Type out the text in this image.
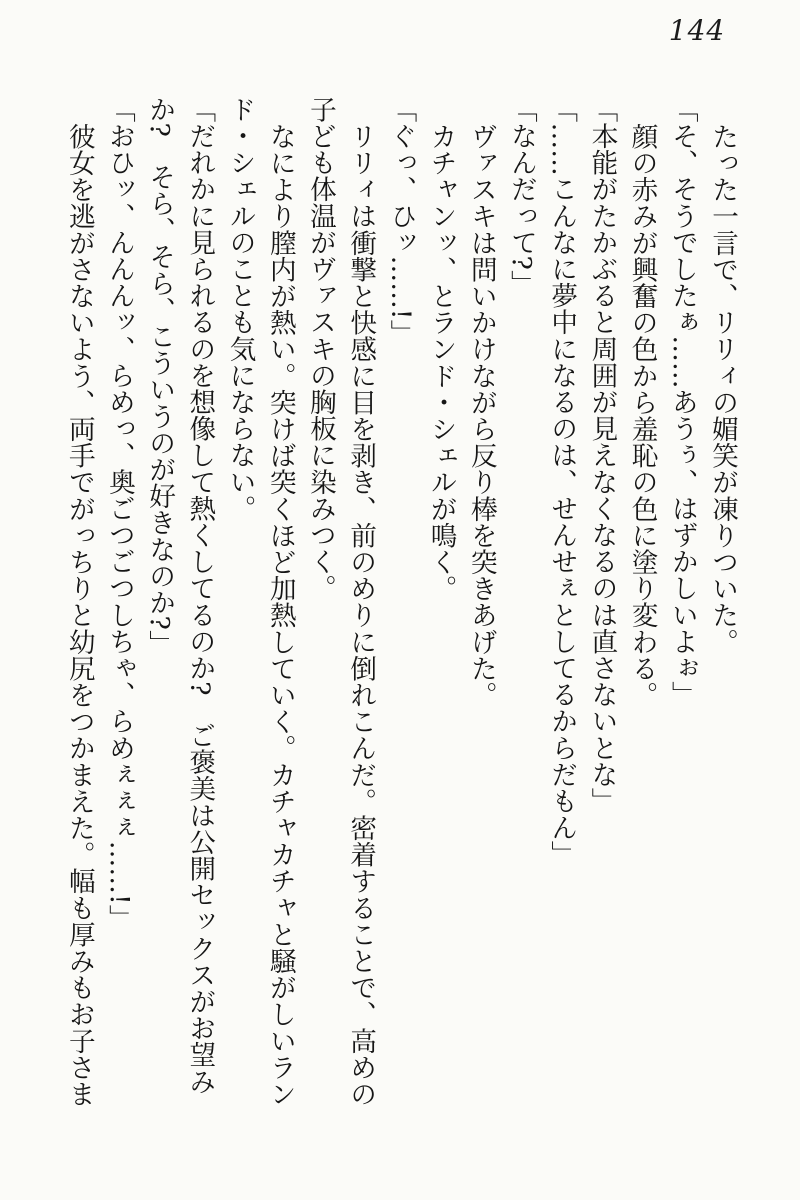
144

たった一言で、リリィの媚笑が凍りついた。

「そ、そうでしたぁ……あうぅ、はずかしいよぉ」

顔の赤みが興奮の色から羞恥の色に塗り変わる。

「本能がたかぶると周囲が見えなくなるのは直さないとな」

「……こんなに夢中になるのは、せんせぇとしてるからだもん」

「なんだって?」

ヴァスキは問いかけながら反り棒を突きあげた。

カチャンッ、とランド・シェルが鳴く。

「ぐっ、ひッ……!」

リリィは衝撃と快感に目を剥き、前のめりに倒れこんだ。密着することで、高めの子ども体温がヴァスキの胸板に染みつく。

なにより膣内が熱い。突けば突くほど加熱していく。カチャカチャと騒がしいランド・シェルのことも気にならない。

「だれかに見られるのを想像して熱くしてるのか?　ご褒美は公開セックスがお望みか?　そら、そら、こういうのが好きなのか?」

「おひッ、んんんッ、らめっ、奥ごつごつしちゃ、らめぇぇぇ……!」

彼女を逃がさないよう、両手でがっちりと幼尻をつかまえた。幅も厚みもお子さま
